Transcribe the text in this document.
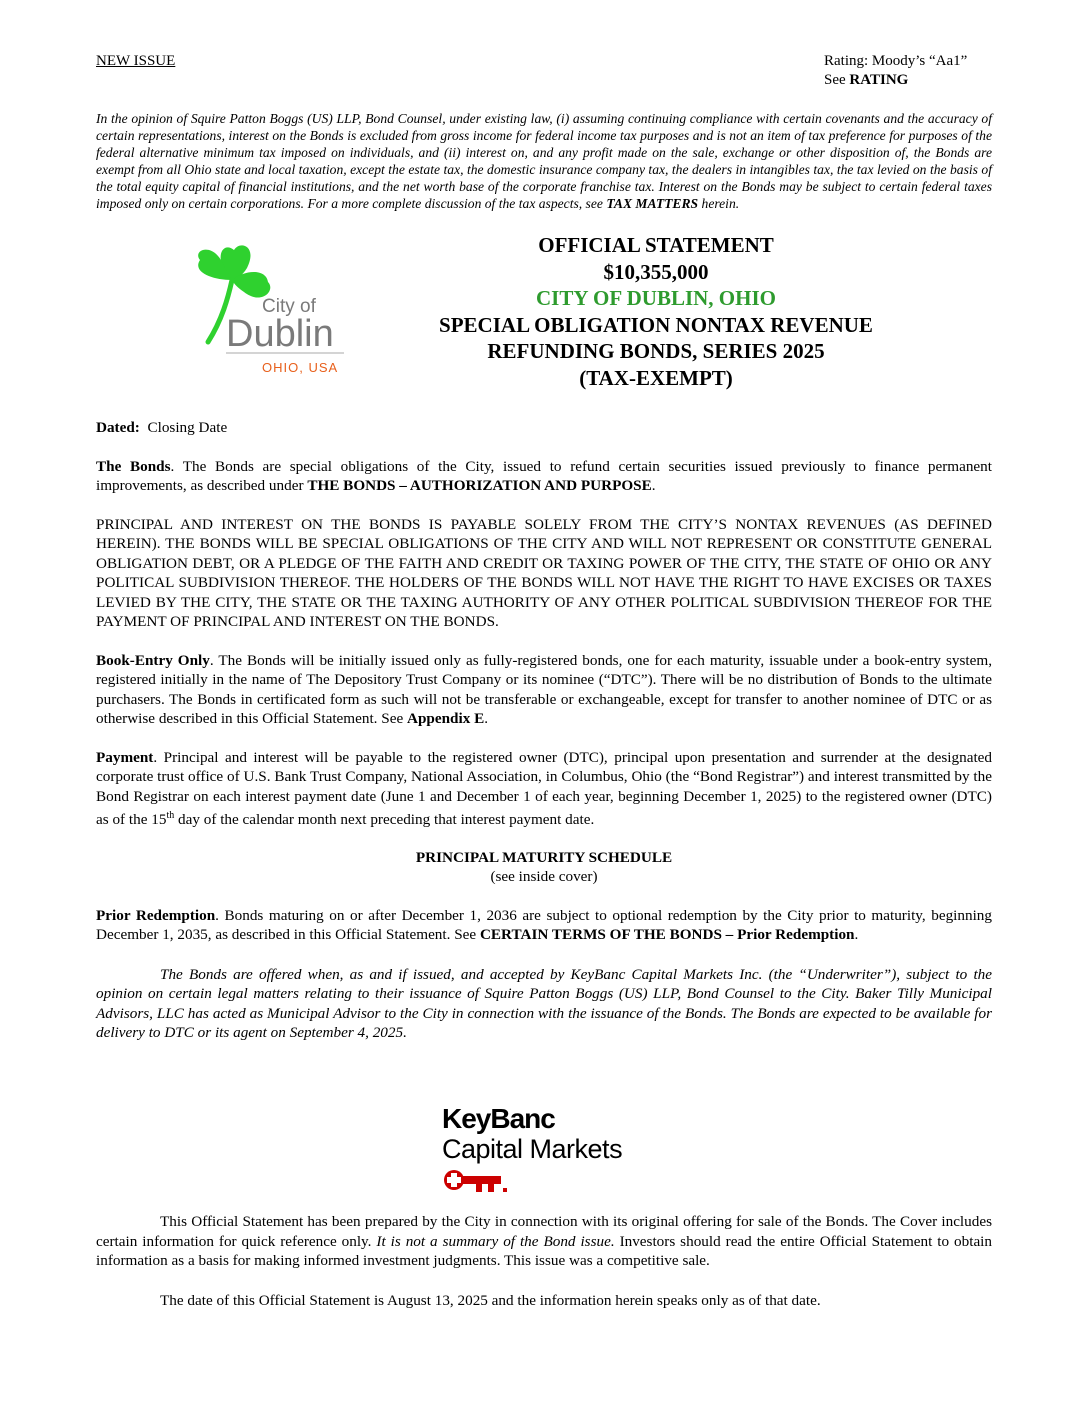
NEW ISSUE	Rating: Moody’s “Aa1”
See RATING

In the opinion of Squire Patton Boggs (US) LLP, Bond Counsel, under existing law, (i) assuming continuing compliance with certain covenants and the accuracy of certain representations, interest on the Bonds is excluded from gross income for federal income tax purposes and is not an item of tax preference for purposes of the federal alternative minimum tax imposed on individuals, and (ii) interest on, and any profit made on the sale, exchange or other disposition of, the Bonds are exempt from all Ohio state and local taxation, except the estate tax, the domestic insurance company tax, the dealers in intangibles tax, the tax levied on the basis of the total equity capital of financial institutions, and the net worth base of the corporate franchise tax. Interest on the Bonds may be subject to certain federal taxes imposed only on certain corporations. For a more complete discussion of the tax aspects, see TAX MATTERS herein.

City of
Dublin
OHIO, USA
OFFICIAL STATEMENT
$10,355,000
CITY OF DUBLIN, OHIO
SPECIAL OBLIGATION NONTAX REVENUE
REFUNDING BONDS, SERIES 2025
(TAX-EXEMPT)

Dated:  Closing Date

The Bonds. The Bonds are special obligations of the City, issued to refund certain securities issued previously to finance permanent improvements, as described under THE BONDS – AUTHORIZATION AND PURPOSE.

PRINCIPAL AND INTEREST ON THE BONDS IS PAYABLE SOLELY FROM THE CITY’S NONTAX REVENUES (AS DEFINED HEREIN). THE BONDS WILL BE SPECIAL OBLIGATIONS OF THE CITY AND WILL NOT REPRESENT OR CONSTITUTE GENERAL OBLIGATION DEBT, OR A PLEDGE OF THE FAITH AND CREDIT OR TAXING POWER OF THE CITY, THE STATE OF OHIO OR ANY POLITICAL SUBDIVISION THEREOF. THE HOLDERS OF THE BONDS WILL NOT HAVE THE RIGHT TO HAVE EXCISES OR TAXES LEVIED BY THE CITY, THE STATE OR THE TAXING AUTHORITY OF ANY OTHER POLITICAL SUBDIVISION THEREOF FOR THE PAYMENT OF PRINCIPAL AND INTEREST ON THE BONDS.

Book-Entry Only. The Bonds will be initially issued only as fully-registered bonds, one for each maturity, issuable under a book-entry system, registered initially in the name of The Depository Trust Company or its nominee (“DTC”). There will be no distribution of Bonds to the ultimate purchasers. The Bonds in certificated form as such will not be transferable or exchangeable, except for transfer to another nominee of DTC or as otherwise described in this Official Statement. See Appendix E.

Payment. Principal and interest will be payable to the registered owner (DTC), principal upon presentation and surrender at the designated corporate trust office of U.S. Bank Trust Company, National Association, in Columbus, Ohio (the “Bond Registrar”) and interest transmitted by the Bond Registrar on each interest payment date (June 1 and December 1 of each year, beginning December 1, 2025) to the registered owner (DTC) as of the 15th day of the calendar month next preceding that interest payment date.

PRINCIPAL MATURITY SCHEDULE
(see inside cover)

Prior Redemption. Bonds maturing on or after December 1, 2036 are subject to optional redemption by the City prior to maturity, beginning December 1, 2035, as described in this Official Statement. See CERTAIN TERMS OF THE BONDS – Prior Redemption.

The Bonds are offered when, as and if issued, and accepted by KeyBanc Capital Markets Inc. (the “Underwriter”), subject to the opinion on certain legal matters relating to their issuance of Squire Patton Boggs (US) LLP, Bond Counsel to the City. Baker Tilly Municipal Advisors, LLC has acted as Municipal Advisor to the City in connection with the issuance of the Bonds. The Bonds are expected to be available for delivery to DTC or its agent on September 4, 2025.

KeyBanc
Capital Markets

This Official Statement has been prepared by the City in connection with its original offering for sale of the Bonds. The Cover includes certain information for quick reference only. It is not a summary of the Bond issue. Investors should read the entire Official Statement to obtain information as a basis for making informed investment judgments. This issue was a competitive sale.

The date of this Official Statement is August 13, 2025 and the information herein speaks only as of that date.
